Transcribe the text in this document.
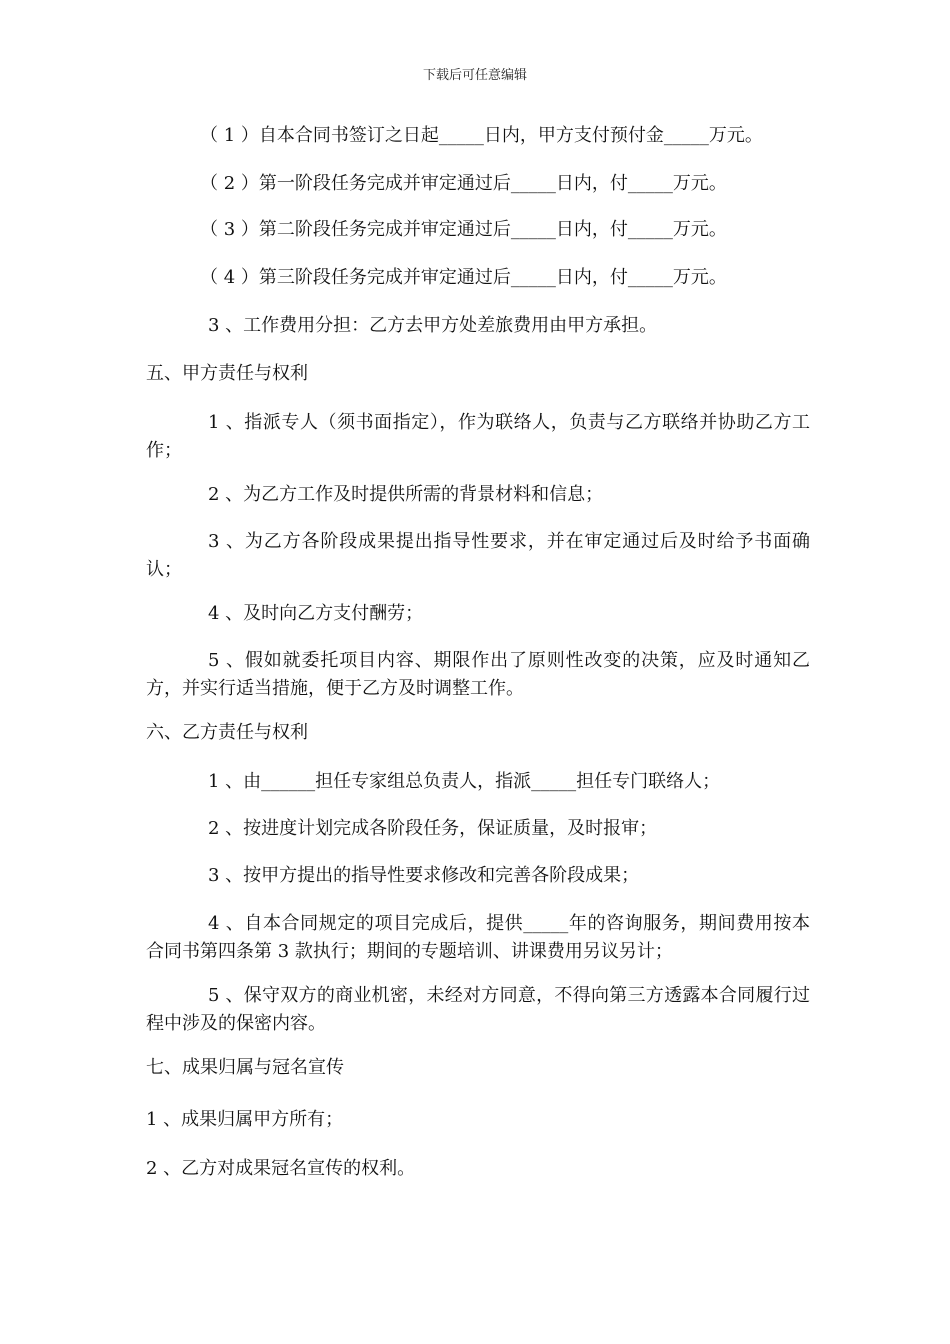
下载后可任意编辑
（ 1 ）自本合同书签订之日起_____日内，甲方支付预付金_____万元。
（ 2 ）第一阶段任务完成并审定通过后_____日内，付_____万元。
（ 3 ）第二阶段任务完成并审定通过后_____日内，付_____万元。
（ 4 ）第三阶段任务完成并审定通过后_____日内，付_____万元。
3 、工作费用分担：乙方去甲方处差旅费用由甲方承担。
五、甲方责任与权利
1 、指派专人（须书面指定），作为联络人，负责与乙方联络并协助乙方工作；
2 、为乙方工作及时提供所需的背景材料和信息；
3 、为乙方各阶段成果提出指导性要求，并在审定通过后及时给予书面确认；
4 、及时向乙方支付酬劳；
5 、假如就委托项目内容、期限作出了原则性改变的决策，应及时通知乙方，并实行适当措施，便于乙方及时调整工作。
六、乙方责任与权利
1 、由______担任专家组总负责人，指派_____担任专门联络人；
2 、按进度计划完成各阶段任务，保证质量，及时报审；
3 、按甲方提出的指导性要求修改和完善各阶段成果；
4 、自本合同规定的项目完成后，提供_____年的咨询服务，期间费用按本合同书第四条第 3 款执行；期间的专题培训、讲课费用另议另计；
5 、保守双方的商业机密，未经对方同意，不得向第三方透露本合同履行过程中涉及的保密内容。
七、成果归属与冠名宣传
1 、成果归属甲方所有；
2 、乙方对成果冠名宣传的权利。
